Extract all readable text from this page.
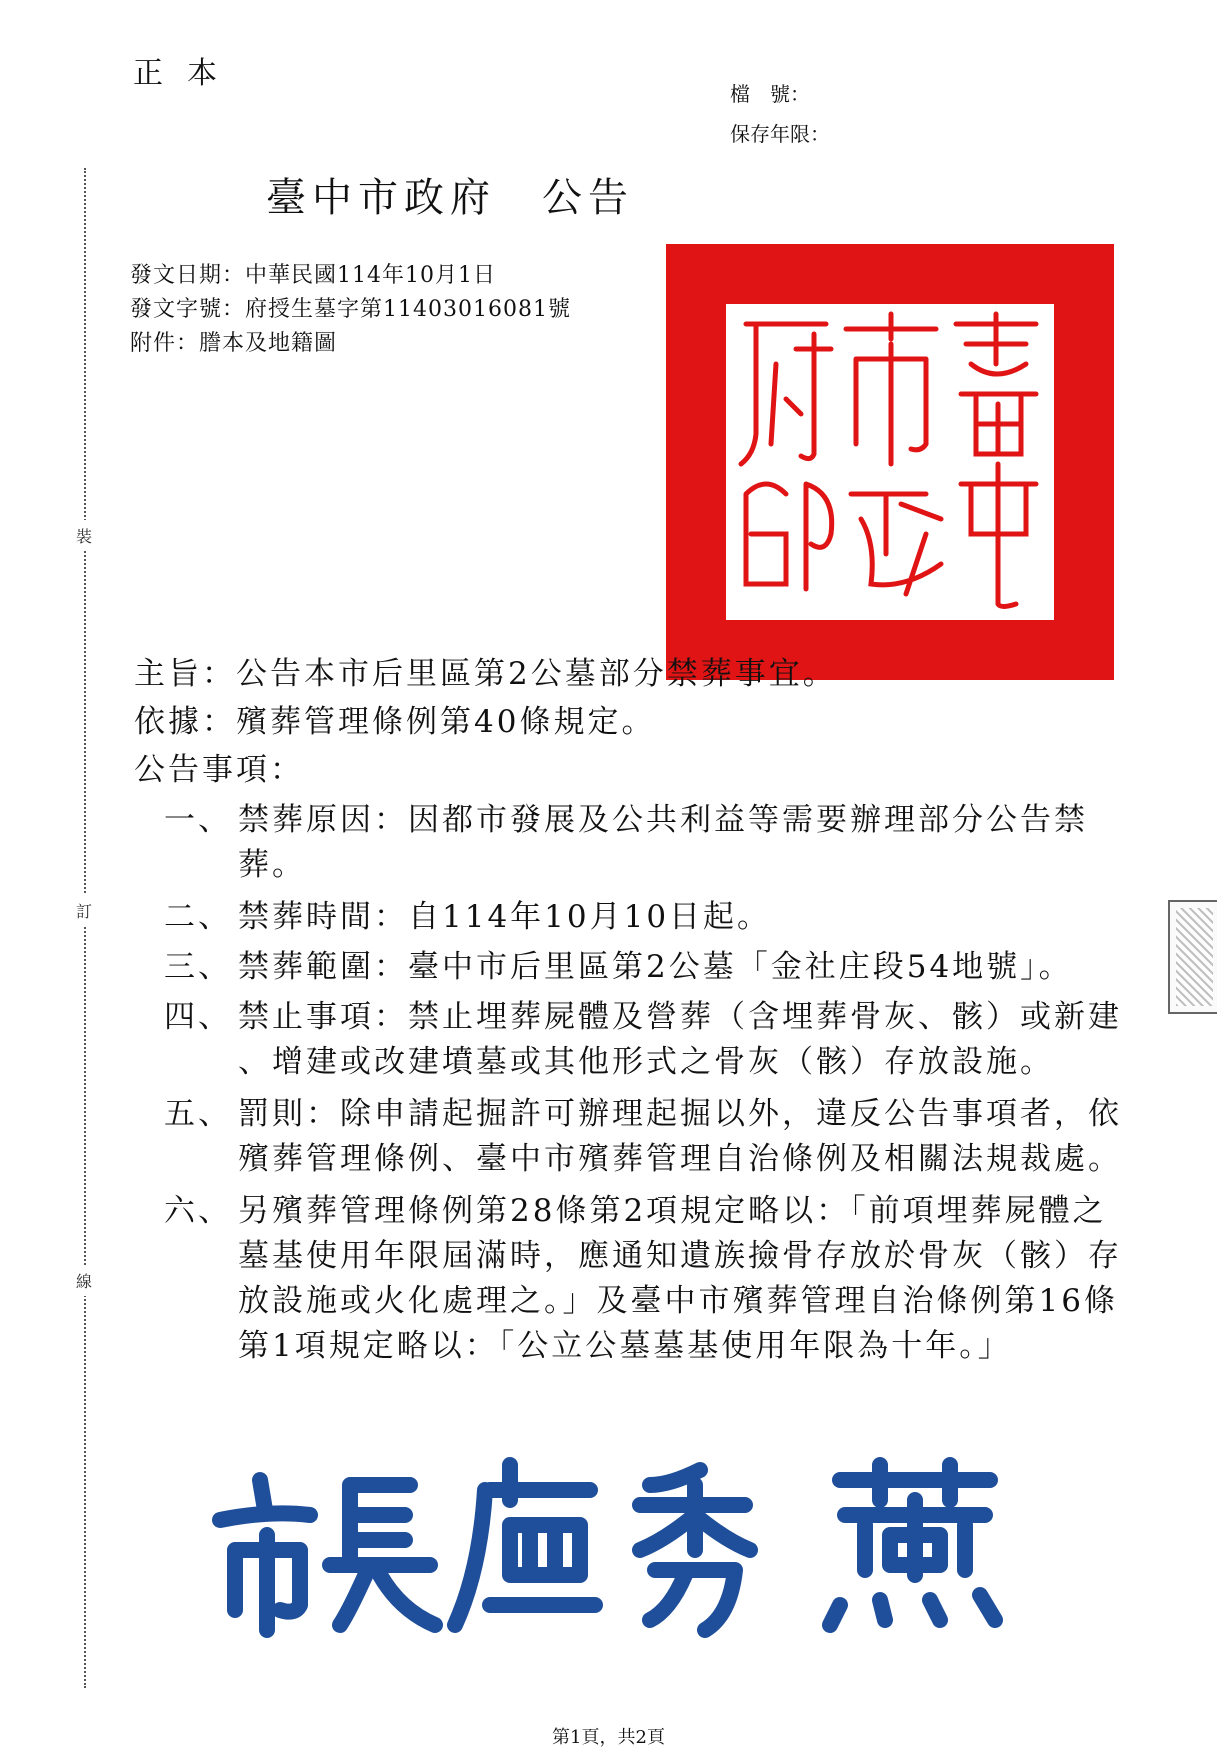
正本
檔　號：
保存年限：
裝
訂
線
臺中市政府 公告
發文日期：中華民國114年10月1日
發文字號：府授生墓字第11403016081號
附件：謄本及地籍圖
主旨：公告本市后里區第2公墓部分禁葬事宜。
依據：殯葬管理條例第40條規定。
公告事項：
一、 禁葬原因：因都市發展及公共利益等需要辦理部分公告禁
葬。
二、 禁葬時間：自114年10月10日起。
三、 禁葬範圍：臺中市后里區第2公墓「金社庄段54地號」。
四、 禁止事項：禁止埋葬屍體及營葬（含埋葬骨灰、骸）或新建
、增建或改建墳墓或其他形式之骨灰（骸）存放設施。
五、 罰則：除申請起掘許可辦理起掘以外，違反公告事項者，依
殯葬管理條例、臺中市殯葬管理自治條例及相關法規裁處。
六、 另殯葬管理條例第28條第2項規定略以：「前項埋葬屍體之
墓基使用年限屆滿時，應通知遺族撿骨存放於骨灰（骸）存
放設施或火化處理之。」及臺中市殯葬管理自治條例第16條
第1項規定略以：「公立公墓墓基使用年限為十年。」
第1頁，共2頁
